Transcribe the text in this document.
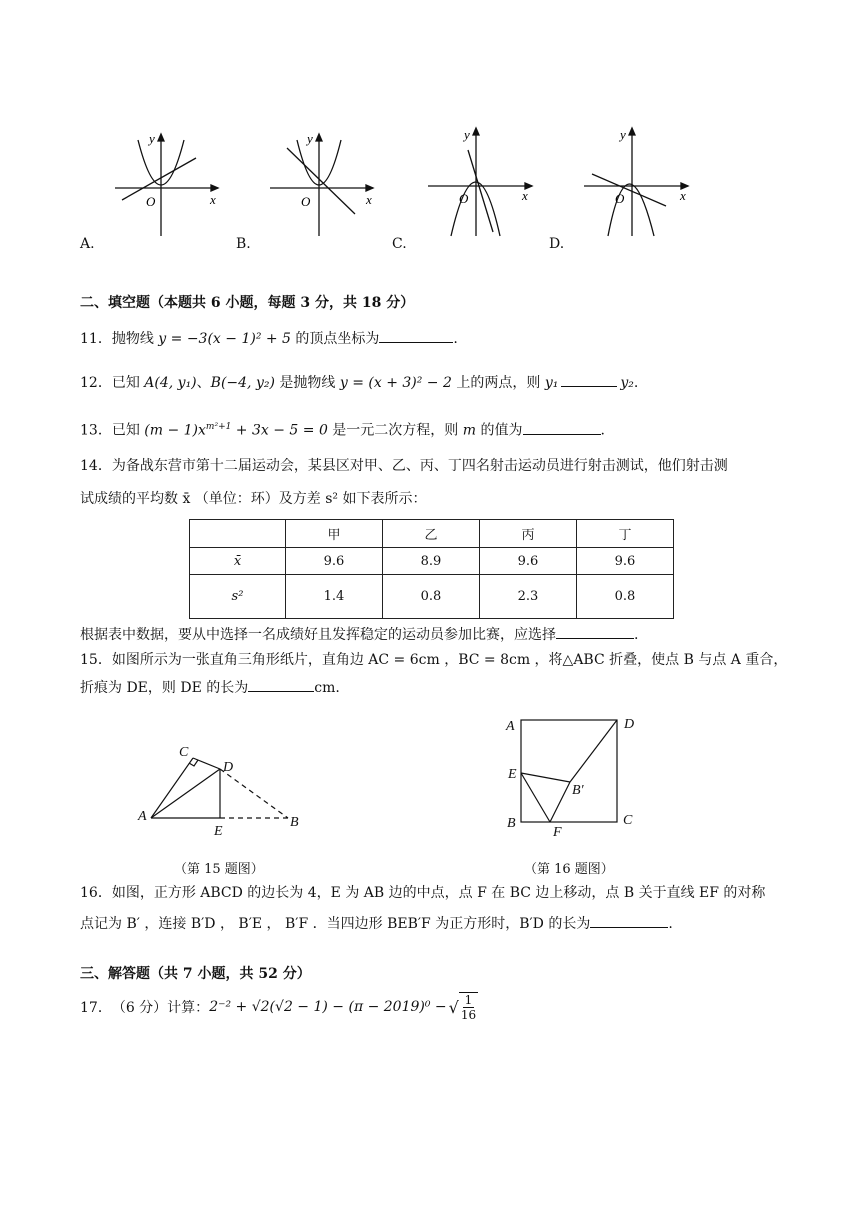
y
x
O
y
x
O
y
x
O
y
x
O
A.	B.	C.	D.
二、填空题（本题共 6 小题，每题 3 分，共 18 分）
11．抛物线 y = −3(x − 1)² + 5 的顶点坐标为	.
12．已知 A(4, y₁)、B(−4, y₂) 是抛物线 y = (x + 3)² − 2 上的两点，则 y₁	y₂.
13．已知 $(m - 1)x^{m^2+1} + 3x - 5 = 0$ 是一元二次方程，则 m 的值为	.
14．为备战东营市第十二届运动会，某县区对甲、乙、丙、丁四名射击运动员进行射击测试，他们射击测
试成绩的平均数 x̄ （单位：环）及方差 s² 如下表所示：
	甲	乙	丙	丁
x̄	9.6	8.9	9.6	9.6
s²	1.4	0.8	2.3	0.8
根据表中数据，要从中选择一名成绩好且发挥稳定的运动员参加比赛，应选择	.
15．如图所示为一张直角三角形纸片，直角边 AC = 6cm ，BC = 8cm ，将△ABC 折叠，使点 B 与点 A 重合，
折痕为 DE，则 DE 的长为	cm.
A
C
D
E
B
（第 15 题图）
A	D
E
B′
B	C
F
（第 16 题图）
16．如图，正方形 ABCD 的边长为 4，E 为 AB 边的中点，点 F 在 BC 边上移动，点 B 关于直线 EF 的对称
点记为 B′ ，连接 B′D ， B′E ， B′F ．当四边形 BEB′F 为正方形时，B′D 的长为	.
三、解答题（共 7 小题，共 52 分）
17． （6 分）计算： 2⁻² + √2(√2 − 1) − (π − 2019)⁰ − √ 1
16
